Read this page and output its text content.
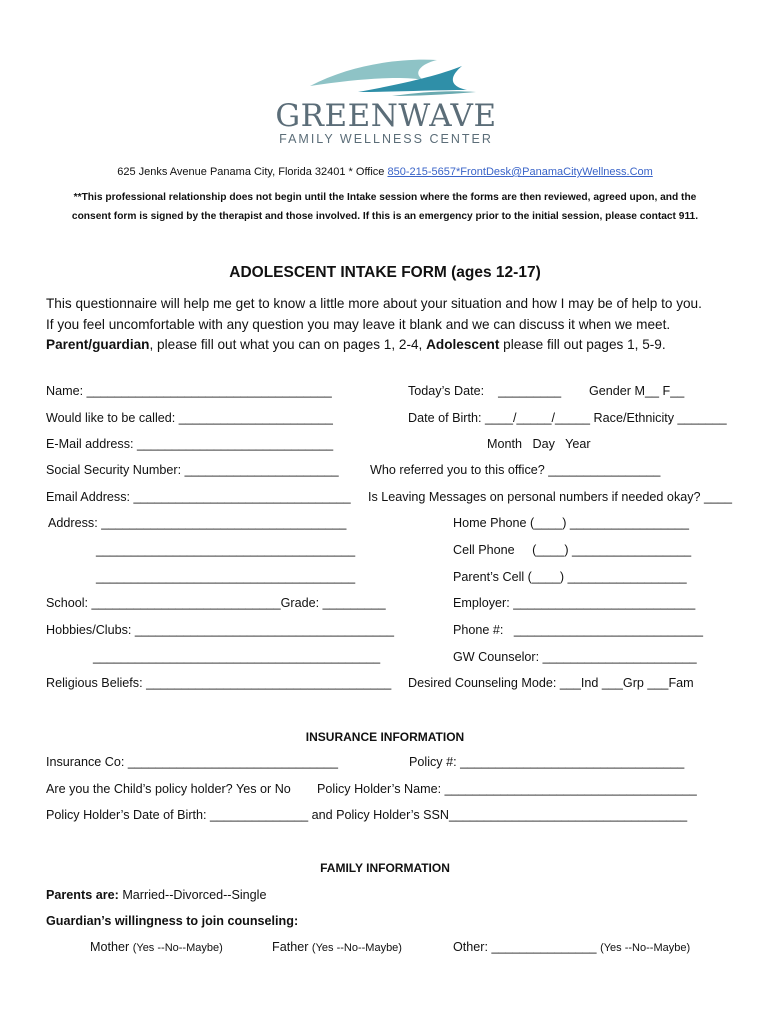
GREENWAVE
FAMILY WELLNESS CENTER
625 Jenks Avenue Panama City, Florida 32401 * Office 850-215-5657*FrontDesk@PanamaCityWellness.Com
**This professional relationship does not begin until the Intake session where the forms are then reviewed, agreed upon, and the
consent form is signed by the therapist and those involved. If this is an emergency prior to the initial session, please contact 911.
ADOLESCENT INTAKE FORM (ages 12-17)
This questionnaire will help me get to know a little more about your situation and how I may be of help to you.
If you feel uncomfortable with any question you may leave it blank and we can discuss it when we meet.
Parent/guardian, please fill out what you can on pages 1, 2-4, Adolescent please fill out pages 1, 5-9.
Name: ___________________________________	Today’s Date:    _________ Gender M__ F__
Would like to be called: ______________________	Date of Birth: ____/_____/_____ Race/Ethnicity _______
E-Mail address: ____________________________	Month   Day   Year
Social Security Number: ______________________ Who referred you to this office? ________________
Email Address: _______________________________ Is Leaving Messages on personal numbers if needed okay? ____
Address: ___________________________________	Home Phone (____) _________________
_____________________________________	Cell Phone     (____) _________________
_____________________________________	Parent’s Cell (____) _________________
School: ___________________________Grade: _________	Employer: __________________________
Hobbies/Clubs: _____________________________________	Phone #:   ___________________________
_________________________________________	GW Counselor: ______________________
Religious Beliefs: ___________________________________ Desired Counseling Mode: ___Ind ___Grp ___Fam
INSURANCE INFORMATION
Insurance Co: ______________________________	Policy #: ________________________________
Are you the Child’s policy holder? Yes or No Policy Holder’s Name: ____________________________________
Policy Holder’s Date of Birth: ______________ and Policy Holder’s SSN__________________________________
FAMILY INFORMATION
Parents are: Married--Divorced--Single
Guardian’s willingness to join counseling:
Mother (Yes --No--Maybe)	Father (Yes --No--Maybe)	Other: _______________ (Yes --No--Maybe)
